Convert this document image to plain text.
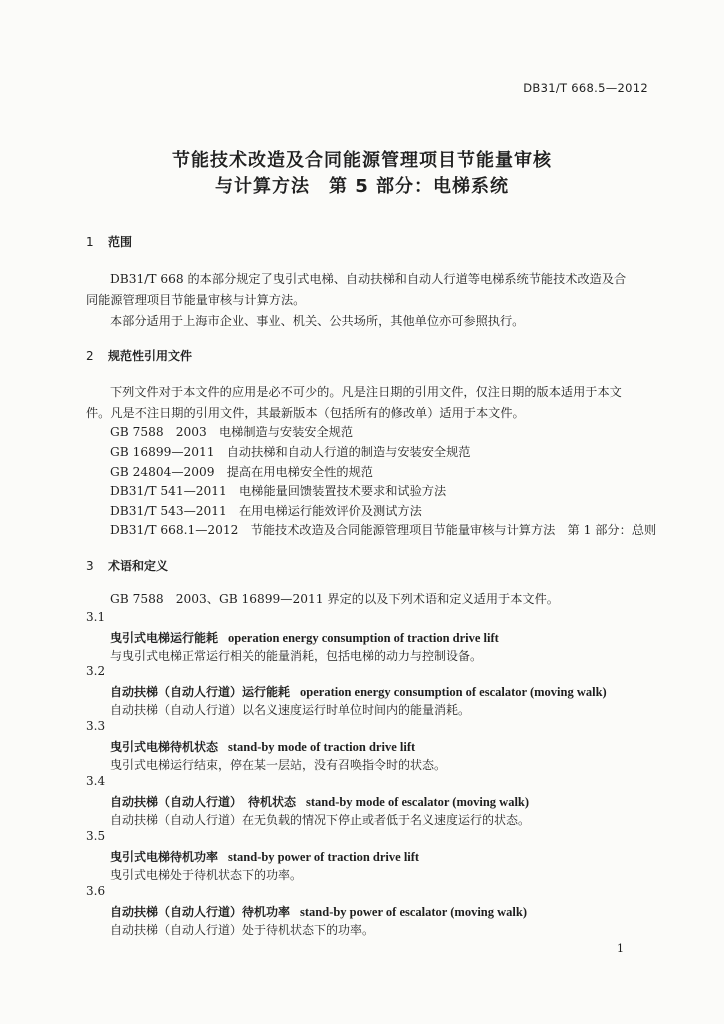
DB31/T 668.5—2012
节能技术改造及合同能源管理项目节能量审核
与计算方法　第 5 部分：电梯系统
1 范围
DB31/T 668 的本部分规定了曳引式电梯、自动扶梯和自动人行道等电梯系统节能技术改造及合
同能源管理项目节能量审核与计算方法。
本部分适用于上海市企业、事业、机关、公共场所，其他单位亦可参照执行。
2 规范性引用文件
下列文件对于本文件的应用是必不可少的。凡是注日期的引用文件，仅注日期的版本适用于本文
件。凡是不注日期的引用文件，其最新版本（包括所有的修改单）适用于本文件。
GB 7588　2003　电梯制造与安装安全规范
GB 16899—2011　自动扶梯和自动人行道的制造与安装安全规范
GB 24804—2009　提高在用电梯安全性的规范
DB31/T 541—2011　电梯能量回馈装置技术要求和试验方法
DB31/T 543—2011　在用电梯运行能效评价及测试方法
DB31/T 668.1—2012　节能技术改造及合同能源管理项目节能量审核与计算方法　第 1 部分：总则
3 术语和定义
GB 7588　2003、GB 16899—2011 界定的以及下列术语和定义适用于本文件。
3.1
曳引式电梯运行能耗 operation energy consumption of traction drive lift
与曳引式电梯正常运行相关的能量消耗，包括电梯的动力与控制设备。
3.2
自动扶梯（自动人行道）运行能耗 operation energy consumption of escalator (moving walk)
自动扶梯（自动人行道）以名义速度运行时单位时间内的能量消耗。
3.3
曳引式电梯待机状态 stand-by mode of traction drive lift
曳引式电梯运行结束，停在某一层站，没有召唤指令时的状态。
3.4
自动扶梯（自动人行道）　待机状态 stand-by mode of escalator (moving walk)
自动扶梯（自动人行道）在无负载的情况下停止或者低于名义速度运行的状态。
3.5
曳引式电梯待机功率 stand-by power of traction drive lift
曳引式电梯处于待机状态下的功率。
3.6
自动扶梯（自动人行道）待机功率 stand-by power of escalator (moving walk)
自动扶梯（自动人行道）处于待机状态下的功率。
1
